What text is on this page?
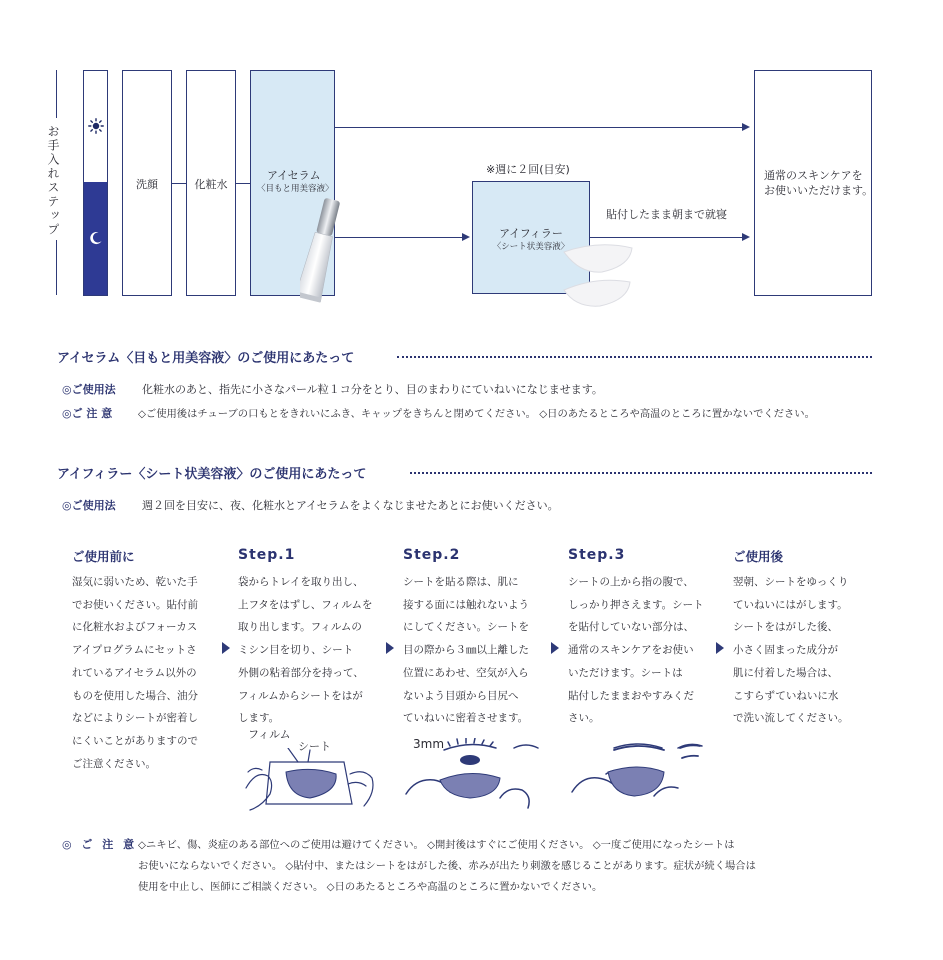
お手入れステップ	洗顔	化粧水
アイセラム
〈目もと用美容液〉
※週に２回(目安)
アイフィラー
〈シート状美容液〉
貼付したまま朝まで就寝
通常のスキンケアを
お使いいただけます。
アイセラム〈目もと用美容液〉のご使用にあたって
◎ご使用法 化粧水のあと、指先に小さなパール粒１コ分をとり、目のまわりにていねいになじませます。
◎ご 注 意 ◇ご使用後はチューブの口もとをきれいにふき、キャップをきちんと閉めてください。 ◇日のあたるところや高温のところに置かないでください。
アイフィラー〈シート状美容液〉のご使用にあたって
◎ご使用法 週２回を目安に、夜、化粧水とアイセラムをよくなじませたあとにお使いください。
ご使用前に
湿気に弱いため、乾いた手
でお使いください。貼付前
に化粧水およびフォーカス
アイプログラムにセットさ
れているアイセラム以外の
ものを使用した場合、油分
などによりシートが密着し
にくいことがありますので
ご注意ください。
Step.1
袋からトレイを取り出し、
上フタをはずし、フィルムを
取り出します。フィルムの
ミシン目を切り、シート
外側の粘着部分を持って、
フィルムからシートをはが
します。
Step.2
シートを貼る際は、肌に
接する面には触れないよう
にしてください。シートを
目の際から３㎜以上離した
位置にあわせ、空気が入ら
ないよう目頭から目尻へ
ていねいに密着させます。
Step.3
シートの上から指の腹で、
しっかり押さえます。シート
を貼付していない部分は、
通常のスキンケアをお使い
いただけます。シートは
貼付したままおやすみくだ
さい。
ご使用後
翌朝、シートをゆっくり
ていねいにはがします。
シートをはがした後、
小さく固まった成分が
肌に付着した場合は、
こすらずていねいに水
で洗い流してください。
フィルム
シート	3mm
◎ ご 注 意 ◇ニキビ、傷、炎症のある部位へのご使用は避けてください。 ◇開封後はすぐにご使用ください。 ◇一度ご使用になったシートは
お使いにならないでください。 ◇貼付中、またはシートをはがした後、赤みが出たり刺激を感じることがあります。症状が続く場合は
使用を中止し、医師にご相談ください。 ◇日のあたるところや高温のところに置かないでください。
